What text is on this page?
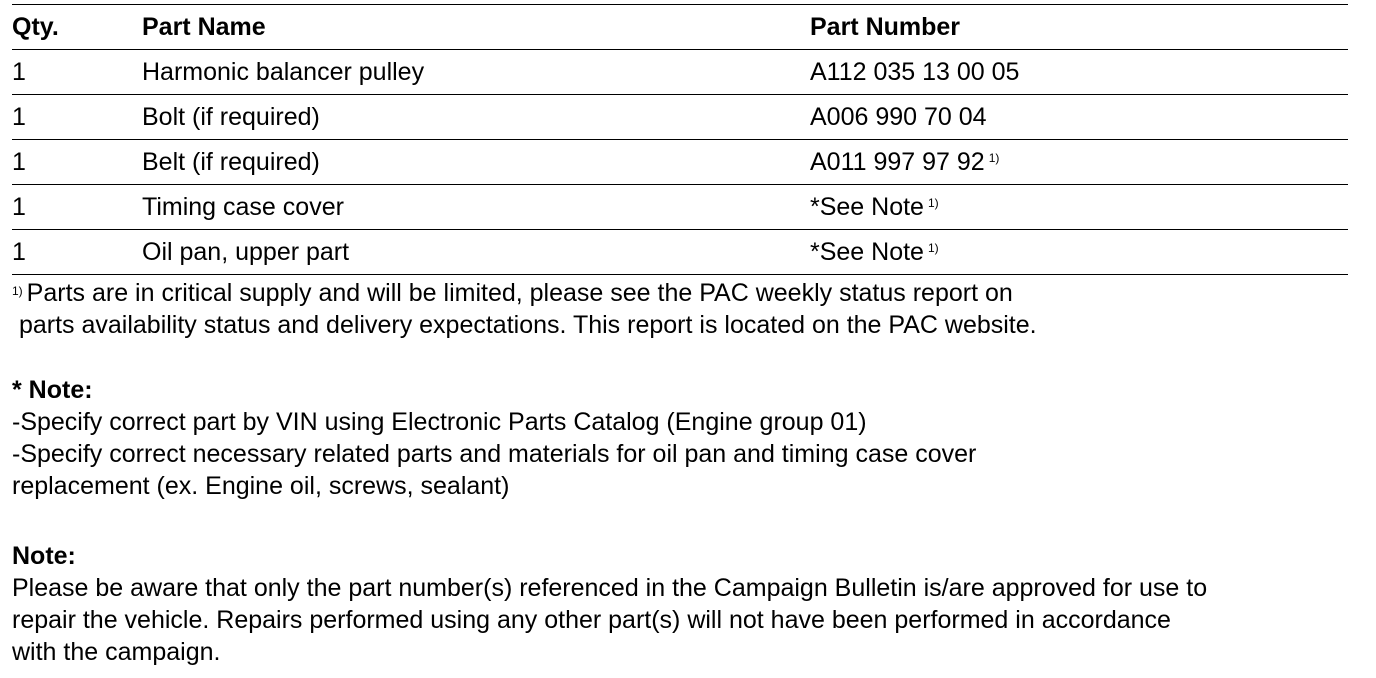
Qty.	Part Name	Part Number
1	Harmonic balancer pulley	A112 035 13 00 05
1	Bolt (if required)	A006 990 70 04
1	Belt (if required)	A011 997 97 92 $^{1)}$
1	Timing case cover	*See Note $^{1)}$
1	Oil pan, upper part	*See Note $^{1)}$
$^{1)}$ Parts are in critical supply and will be limited, please see the PAC weekly status report on
parts availability status and delivery expectations. This report is located on the PAC website.
* Note:
-Specify correct part by VIN using Electronic Parts Catalog (Engine group 01)
-Specify correct necessary related parts and materials for oil pan and timing case cover
replacement (ex. Engine oil, screws, sealant)
Note:
Please be aware that only the part number(s) referenced in the Campaign Bulletin is/are approved for use to
repair the vehicle. Repairs performed using any other part(s) will not have been performed in accordance
with the campaign.
